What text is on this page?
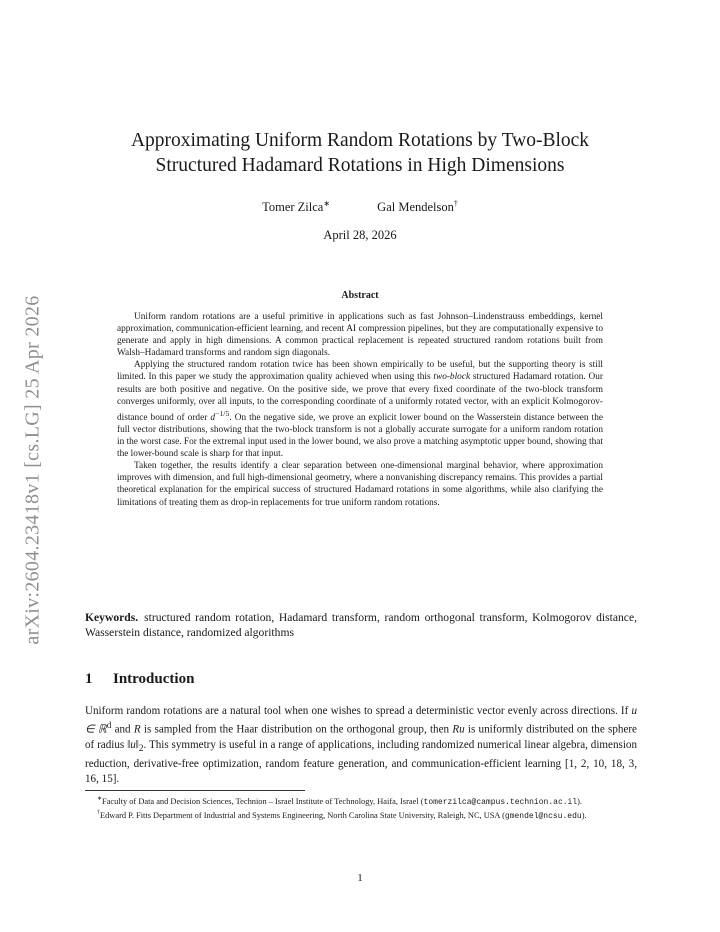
arXiv:2604.23418v1 [cs.LG] 25 Apr 2026
Approximating Uniform Random Rotations by Two-Block
Structured Hadamard Rotations in High Dimensions
Tomer Zilca∗	Gal Mendelson†
April 28, 2026
Abstract

Uniform random rotations are a useful primitive in applications such as fast Johnson–Lindenstrauss embeddings, kernel approximation, communication-efficient learning, and recent AI compression pipelines, but they are computationally expensive to generate and apply in high dimensions. A common practical replacement is repeated structured random rotations built from Walsh–Hadamard transforms and random sign diagonals.

Applying the structured random rotation twice has been shown empirically to be useful, but the supporting theory is still limited. In this paper we study the approximation quality achieved when using this two-block structured Hadamard rotation. Our results are both positive and negative. On the positive side, we prove that every fixed coordinate of the two-block transform converges uniformly, over all inputs, to the corresponding coordinate of a uniformly rotated vector, with an explicit Kolmogorov-distance bound of order $d^{-1/5}$. On the negative side, we prove an explicit lower bound on the Wasserstein distance between the full vector distributions, showing that the two-block transform is not a globally accurate surrogate for a uniform random rotation in the worst case. For the extremal input used in the lower bound, we also prove a matching asymptotic upper bound, showing that the lower-bound scale is sharp for that input.

Taken together, the results identify a clear separation between one-dimensional marginal behavior, where approximation improves with dimension, and full high-dimensional geometry, where a nonvanishing discrepancy remains. This provides a partial theoretical explanation for the empirical success of structured Hadamard rotations in some algorithms, while also clarifying the limitations of treating them as drop-in replacements for true uniform random rotations.

Keywords. structured random rotation, Hadamard transform, random orthogonal transform, Kolmogorov distance, Wasserstein distance, randomized algorithms
1 Introduction

Uniform random rotations are a natural tool when one wishes to spread a deterministic vector evenly across directions. If u ∈ ℝ$^d$ and R is sampled from the Haar distribution on the orthogonal group, then Ru is uniformly distributed on the sphere of radius $‖u‖_2$. This symmetry is useful in a range of applications, including randomized numerical linear algebra, dimension reduction, derivative-free optimization, random feature generation, and communication-efficient learning [1, 2, 10, 18, 3, 16, 15].

∗Faculty of Data and Decision Sciences, Technion – Israel Institute of Technology, Haifa, Israel (tomerzilca@campus.technion.ac.il).

†Edward P. Fitts Department of Industrial and Systems Engineering, North Carolina State University, Raleigh, NC, USA (gmendel@ncsu.edu).

1
